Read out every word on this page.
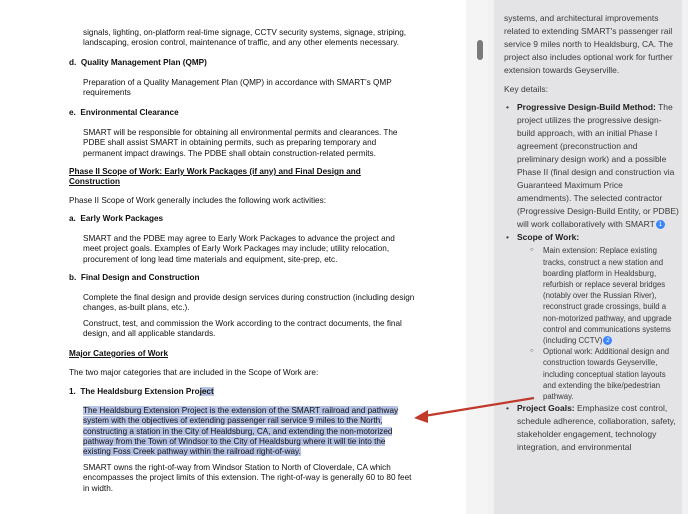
signals, lighting, on-platform real-time signage, CCTV security systems, signage, striping, landscaping, erosion control, maintenance of traffic, and any other elements necessary.

d.  Quality Management Plan (QMP)

Preparation of a Quality Management Plan (QMP) in accordance with SMART’s QMP requirements

e.  Environmental Clearance

SMART will be responsible for obtaining all environmental permits and clearances. The PDBE shall assist SMART in obtaining permits, such as preparing temporary and permanent impact drawings. The PDBE shall obtain construction-related permits.

Phase II Scope of Work: Early Work Packages (if any) and Final Design and Construction

Phase II Scope of Work generally includes the following work activities:

a.  Early Work Packages

SMART and the PDBE may agree to Early Work Packages to advance the project and meet project goals. Examples of Early Work Packages may include; utility relocation, procurement of long lead time materials and equipment, site-prep, etc.

b.  Final Design and Construction

Complete the final design and provide design services during construction (including design changes, as-built plans, etc.).

Construct, test, and commission the Work according to the contract documents, the final design, and all applicable standards.

Major Categories of Work

The two major categories that are included in the Scope of Work are:

1.  The Healdsburg Extension Project

The Healdsburg Extension Project is the extension of the SMART railroad and pathway system with the objectives of extending passenger rail service 9 miles to the North, constructing a station in the City of Healdsburg, CA, and extending the non-motorized pathway from the Town of Windsor to the City of Healdsburg where it will tie into the existing Foss Creek pathway within the railroad right-of-way.

SMART owns the right-of-way from Windsor Station to North of Cloverdale, CA which encompasses the project limits of this extension. The right-of-way is generally 60 to 80 feet in width.

systems, and architectural improvements related to extending SMART's passenger rail service 9 miles north to Healdsburg, CA. The project also includes optional work for further extension towards Geyserville.

Key details:

• Progressive Design-Build Method: The project utilizes the progressive design-build approach, with an initial Phase I agreement (preconstruction and preliminary design work) and a possible Phase II (final design and construction via Guaranteed Maximum Price amendments). The selected contractor (Progressive Design-Build Entity, or PDBE) will work collaboratively with SMART 1
• Scope of Work:
○ Main extension: Replace existing tracks, construct a new station and boarding platform in Healdsburg, refurbish or replace several bridges (notably over the Russian River), reconstruct grade crossings, build a non-motorized pathway, and upgrade control and communications systems (including CCTV) 2
○ Optional work: Additional design and construction towards Geyserville, including conceptual station layouts and extending the bike/pedestrian pathway.
• Project Goals: Emphasize cost control, schedule adherence, collaboration, safety, stakeholder engagement, technology integration, and environmental
